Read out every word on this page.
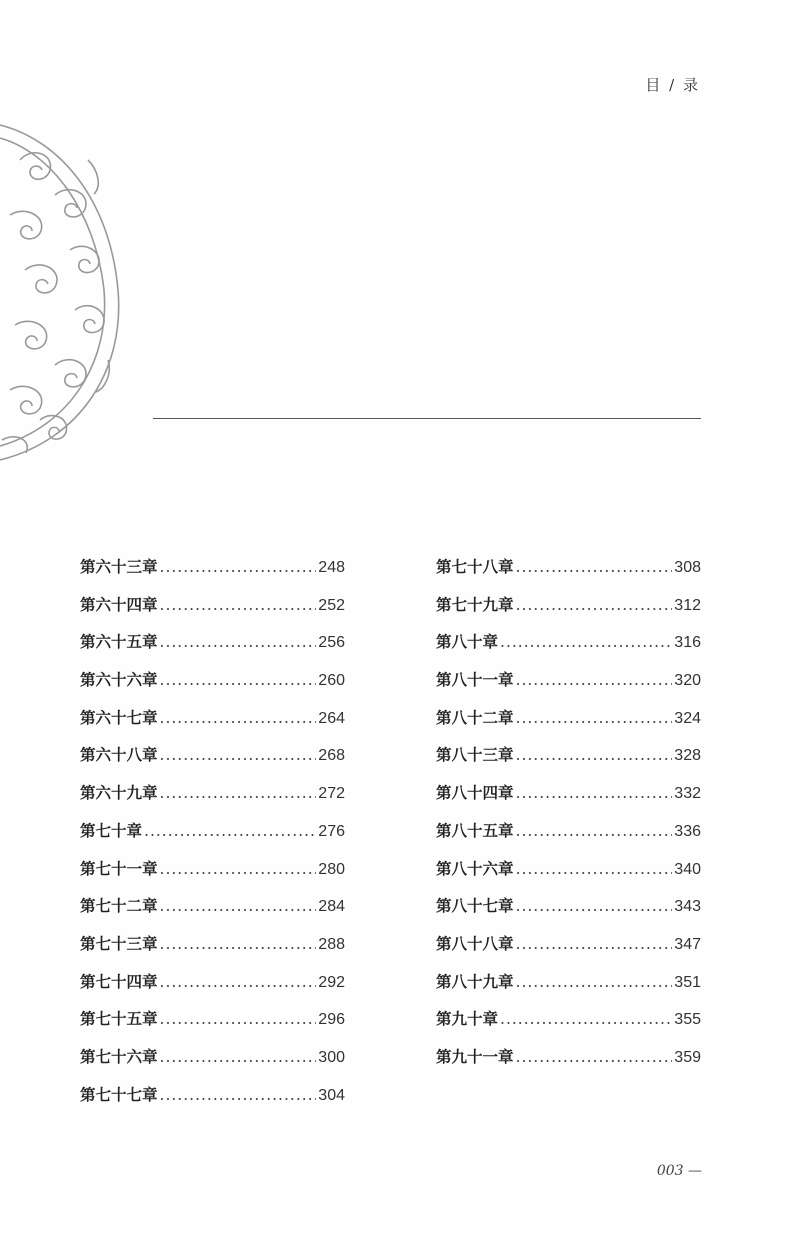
目 / 录
第六十三章 .....	248
第六十四章 .....	252
第六十五章 .....	256
第六十六章 .....	260
第六十七章 .....	264
第六十八章 .....	268
第六十九章 .....	272
第七十章 .....	276
第七十一章 .....	280
第七十二章 .....	284
第七十三章 .....	288
第七十四章 .....	292
第七十五章 .....	296
第七十六章 .....	300
第七十七章 .....	304
第七十八章 .....	308
第七十九章 .....	312
第八十章 .....	316
第八十一章 .....	320
第八十二章 .....	324
第八十三章 .....	328
第八十四章 .....	332
第八十五章 .....	336
第八十六章 .....	340
第八十七章 .....	343
第八十八章 .....	347
第八十九章 .....	351
第九十章 .....	355
第九十一章 .....	359
003 —
